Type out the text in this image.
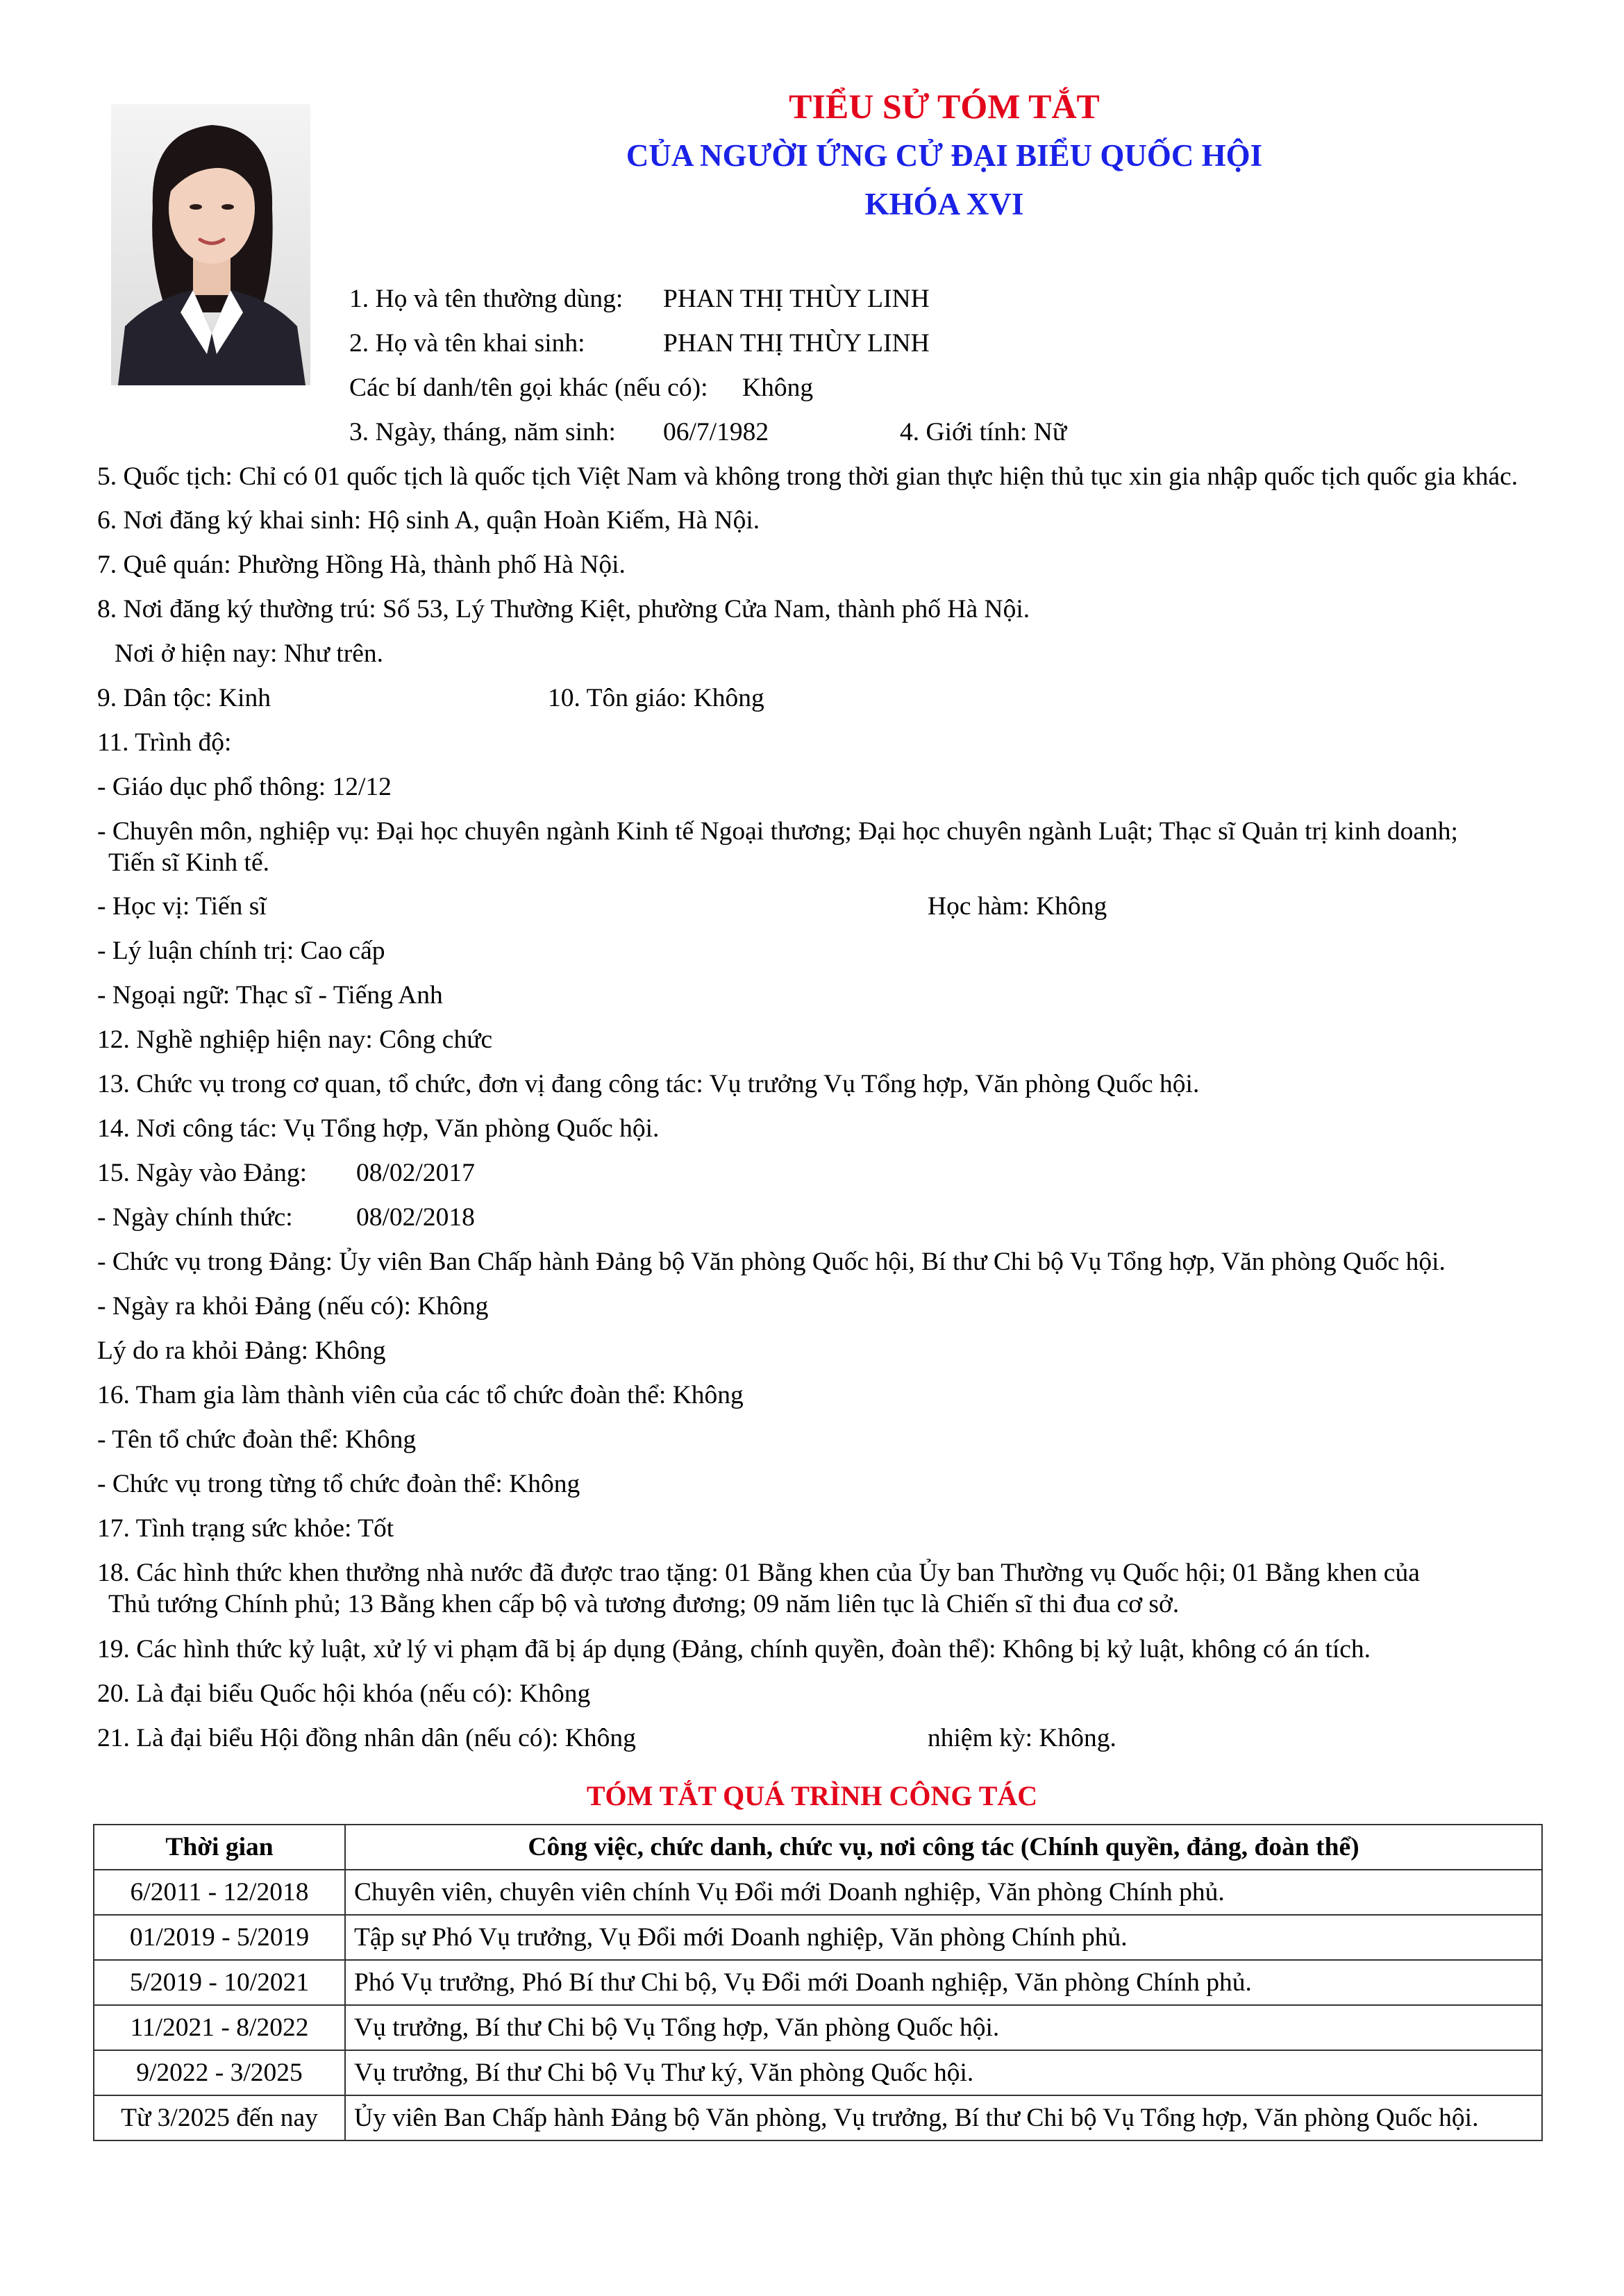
TIỂU SỬ TÓM TẮT
CỦA NGƯỜI ỨNG CỬ ĐẠI BIỂU QUỐC HỘI
KHÓA XVI
1. Họ và tên thường dùng: PHAN THỊ THÙY LINH
2. Họ và tên khai sinh:	PHAN THỊ THÙY LINH
Các bí danh/tên gọi khác (nếu có): Không
3. Ngày, tháng, năm sinh: 06/7/1982	4. Giới tính: Nữ
5. Quốc tịch: Chỉ có 01 quốc tịch là quốc tịch Việt Nam và không trong thời gian thực hiện thủ tục xin gia nhập quốc tịch quốc gia khác.
6. Nơi đăng ký khai sinh: Hộ sinh A, quận Hoàn Kiếm, Hà Nội.
7. Quê quán: Phường Hồng Hà, thành phố Hà Nội.
8. Nơi đăng ký thường trú: Số 53, Lý Thường Kiệt, phường Cửa Nam, thành phố Hà Nội.
Nơi ở hiện nay: Như trên.
9. Dân tộc: Kinh	10. Tôn giáo: Không
11. Trình độ:
- Giáo dục phổ thông: 12/12
- Chuyên môn, nghiệp vụ: Đại học chuyên ngành Kinh tế Ngoại thương; Đại học chuyên ngành Luật; Thạc sĩ Quản trị kinh doanh;
Tiến sĩ Kinh tế.
- Học vị: Tiến sĩ	Học hàm: Không
- Lý luận chính trị: Cao cấp
- Ngoại ngữ: Thạc sĩ - Tiếng Anh
12. Nghề nghiệp hiện nay: Công chức
13. Chức vụ trong cơ quan, tổ chức, đơn vị đang công tác: Vụ trưởng Vụ Tổng hợp, Văn phòng Quốc hội.
14. Nơi công tác: Vụ Tổng hợp, Văn phòng Quốc hội.
15. Ngày vào Đảng: 08/02/2017
- Ngày chính thức: 08/02/2018
- Chức vụ trong Đảng: Ủy viên Ban Chấp hành Đảng bộ Văn phòng Quốc hội, Bí thư Chi bộ Vụ Tổng hợp, Văn phòng Quốc hội.
- Ngày ra khỏi Đảng (nếu có): Không
Lý do ra khỏi Đảng: Không
16. Tham gia làm thành viên của các tổ chức đoàn thể: Không
- Tên tổ chức đoàn thể: Không
- Chức vụ trong từng tổ chức đoàn thể: Không
17. Tình trạng sức khỏe: Tốt
18. Các hình thức khen thưởng nhà nước đã được trao tặng: 01 Bằng khen của Ủy ban Thường vụ Quốc hội; 01 Bằng khen của
Thủ tướng Chính phủ; 13 Bằng khen cấp bộ và tương đương; 09 năm liên tục là Chiến sĩ thi đua cơ sở.
19. Các hình thức kỷ luật, xử lý vi phạm đã bị áp dụng (Đảng, chính quyền, đoàn thể): Không bị kỷ luật, không có án tích.
20. Là đại biểu Quốc hội khóa (nếu có): Không
21. Là đại biểu Hội đồng nhân dân (nếu có): Không	nhiệm kỳ: Không.
TÓM TẮT QUÁ TRÌNH CÔNG TÁC
Thời gian	Công việc, chức danh, chức vụ, nơi công tác (Chính quyền, đảng, đoàn thể)
6/2011 - 12/2018	Chuyên viên, chuyên viên chính Vụ Đổi mới Doanh nghiệp, Văn phòng Chính phủ.
01/2019 - 5/2019	Tập sự Phó Vụ trưởng, Vụ Đổi mới Doanh nghiệp, Văn phòng Chính phủ.
5/2019 - 10/2021	Phó Vụ trưởng, Phó Bí thư Chi bộ, Vụ Đổi mới Doanh nghiệp, Văn phòng Chính phủ.
11/2021 - 8/2022	Vụ trưởng, Bí thư Chi bộ Vụ Tổng hợp, Văn phòng Quốc hội.
9/2022 - 3/2025	Vụ trưởng, Bí thư Chi bộ Vụ Thư ký, Văn phòng Quốc hội.
Từ 3/2025 đến nay	Ủy viên Ban Chấp hành Đảng bộ Văn phòng, Vụ trưởng, Bí thư Chi bộ Vụ Tổng hợp, Văn phòng Quốc hội.
